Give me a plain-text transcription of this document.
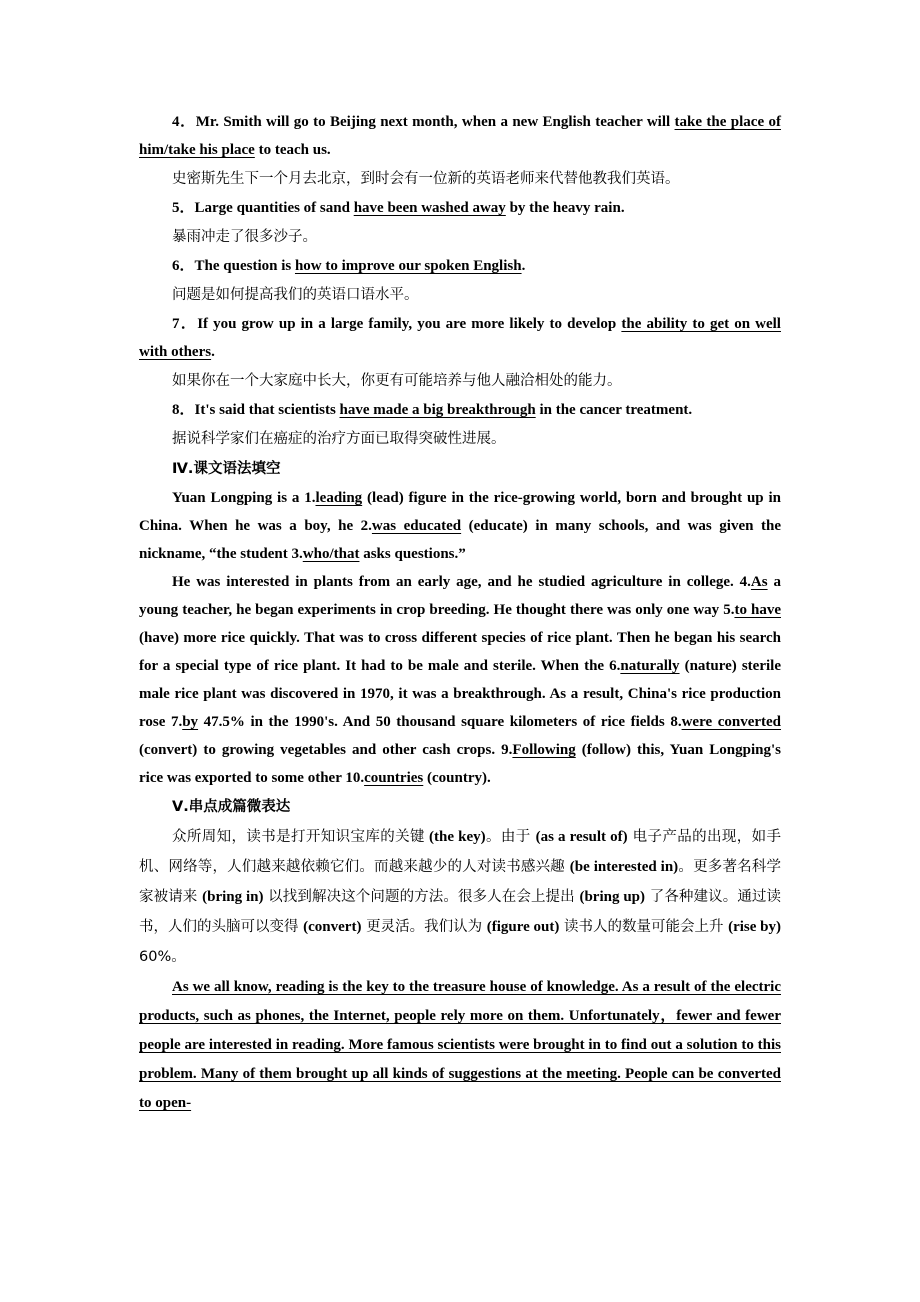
4．Mr. Smith will go to Beijing next month, when a new English teacher will take the place of him/take his place to teach us.

史密斯先生下一个月去北京，到时会有一位新的英语老师来代替他教我们英语。

5．Large quantities of sand have been washed away by the heavy rain.

暴雨冲走了很多沙子。

6．The question is how to improve our spoken English.

问题是如何提高我们的英语口语水平。

7．If you grow up in a large family, you are more likely to develop the ability to get on well with others.

如果你在一个大家庭中长大，你更有可能培养与他人融洽相处的能力。

8．It's said that scientists have made a big breakthrough in the cancer treatment.

据说科学家们在癌症的治疗方面已取得突破性进展。

Ⅳ.课文语法填空

Yuan Longping is a 1.leading (lead) figure in the rice-growing world, born and brought up in China. When he was a boy, he 2.was educated (educate) in many schools, and was given the nickname, “the student 3.who/that asks questions.”

He was interested in plants from an early age, and he studied agriculture in college. 4.As a young teacher, he began experiments in crop breeding. He thought there was only one way 5.to have (have) more rice quickly. That was to cross different species of rice plant. Then he began his search for a special type of rice plant. It had to be male and sterile. When the 6.naturally (nature) sterile male rice plant was discovered in 1970, it was a breakthrough. As a result, China's rice production rose 7.by 47.5% in the 1990's. And 50 thousand square kilometers of rice fields 8.were converted (convert) to growing vegetables and other cash crops. 9.Following (follow) this, Yuan Longping's rice was exported to some other 10.countries (country).

Ⅴ.串点成篇微表达

众所周知，读书是打开知识宝库的关键 (the key)。由于 (as a result of) 电子产品的出现，如手机、网络等，人们越来越依赖它们。而越来越少的人对读书感兴趣 (be interested in)。更多著名科学家被请来 (bring in) 以找到解决这个问题的方法。很多人在会上提出 (bring up) 了各种建议。通过读书，人们的头脑可以变得 (convert) 更灵活。我们认为 (figure out) 读书人的数量可能会上升 (rise by) 60%。

As we all know, reading is the key to the treasure house of knowledge. As a result of the electric products, such as phones, the Internet, people rely more on them. Unfortunately，fewer and fewer people are interested in reading. More famous scientists were brought in to find out a solution to this problem. Many of them brought up all kinds of suggestions at the meeting. People can be converted to open-
